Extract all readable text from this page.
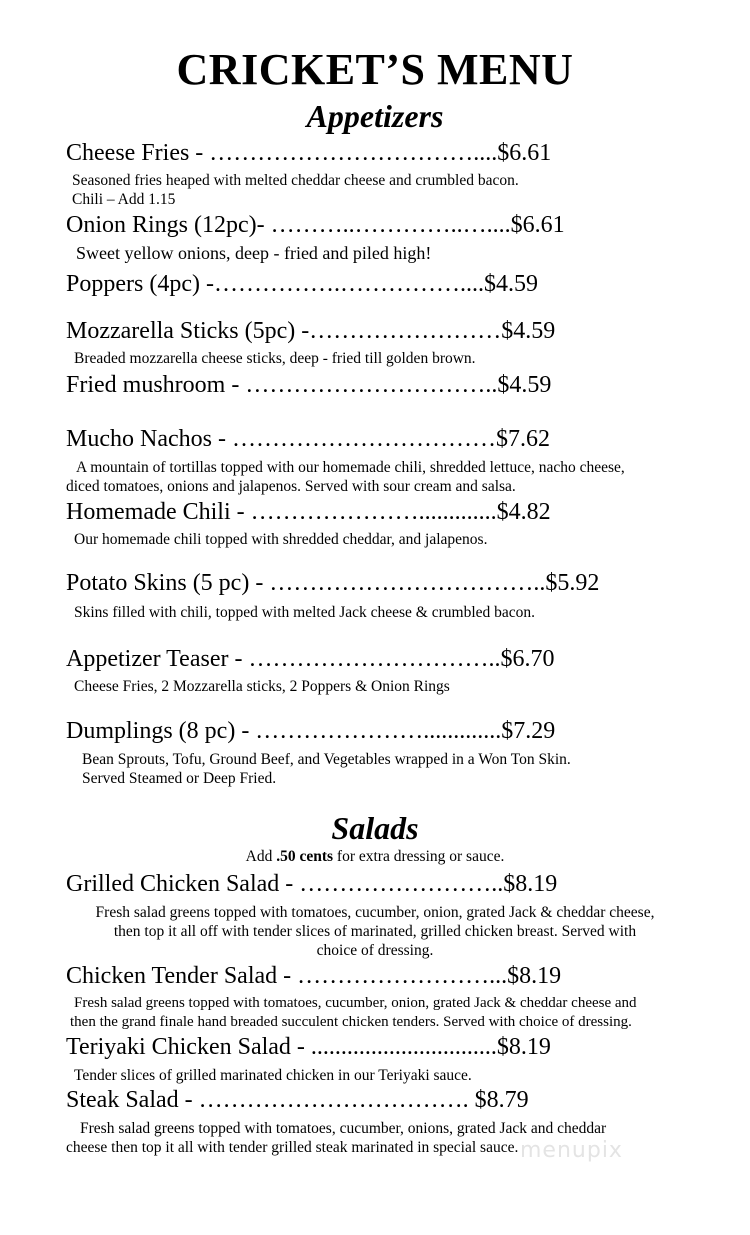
CRICKET’S MENU
Appetizers
Cheese Fries - ……………………………....$6.61
Seasoned fries heaped with melted cheddar cheese and crumbled bacon.
Chili – Add 1.15
Onion Rings (12pc)- ………..…………..…....$6.61
Sweet yellow onions, deep - fried and piled high!
Poppers (4pc) -…………….……………....$4.59
Mozzarella Sticks (5pc) -……………………$4.59
Breaded mozzarella cheese sticks, deep - fried till golden brown.
Fried mushroom - …………………………..$4.59
Mucho Nachos - ……………………………$7.62
A mountain of tortillas topped with our homemade chili, shredded lettuce, nacho cheese,
diced tomatoes, onions and jalapenos. Served with sour cream and salsa.
Homemade Chili - ………………….............$4.82
Our homemade chili topped with shredded cheddar, and jalapenos.
Potato Skins (5 pc) - ……………………………..$5.92
Skins filled with chili, topped with melted Jack cheese & crumbled bacon.
Appetizer Teaser - …………………………..$6.70
Cheese Fries, 2 Mozzarella sticks, 2 Poppers & Onion Rings
Dumplings (8 pc) - ………………….............$7.29
Bean Sprouts, Tofu, Ground Beef, and Vegetables wrapped in a Won Ton Skin.
Served Steamed or Deep Fried.
Salads
Add .50 cents for extra dressing or sauce.
Grilled Chicken Salad - ……………………..$8.19
Fresh salad greens topped with tomatoes, cucumber, onion, grated Jack & cheddar cheese,
then top it all off with tender slices of marinated, grilled chicken breast. Served with
choice of dressing.
Chicken Tender Salad - ……………………...$8.19
Fresh salad greens topped with tomatoes, cucumber, onion, grated Jack & cheddar cheese and
then the grand finale hand breaded succulent chicken tenders. Served with choice of dressing.
Teriyaki Chicken Salad - ...............................$8.19
Tender slices of grilled marinated chicken in our Teriyaki sauce.
Steak Salad - ……………………………. $8.79
Fresh salad greens topped with tomatoes, cucumber, onions, grated Jack and cheddar
cheese then top it all with tender grilled steak marinated in special sauce. menupix
